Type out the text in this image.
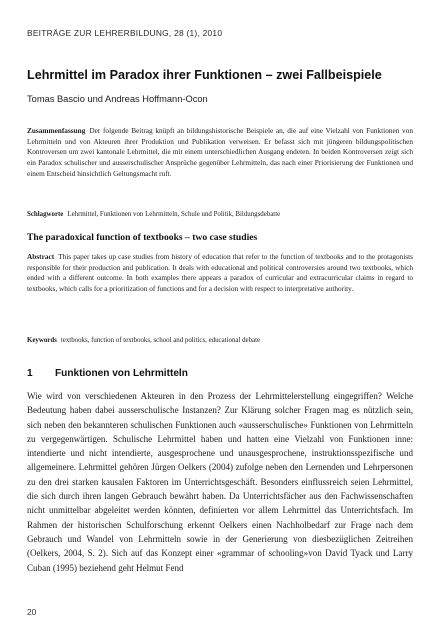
BEITRÄGE ZUR LEHRERBILDUNG, 28 (1), 2010
Lehrmittel im Paradox ihrer Funktionen – zwei Fallbeispiele
Tomas Bascio und Andreas Hoffmann-Ocon
Zusammenfassung Der folgende Beitrag knüpft an bildungshistorische Beispiele an, die auf eine Vielzahl von Funktionen von Lehrmitteln und von Akteuren ihrer Produktion und Publikation verweisen. Er befasst sich mit jüngeren bildungspolitischen Kontroversen um zwei kantonale Lehrmittel, die mit einem unterschiedlichen Ausgang endeten. In beiden Kontroversen zeigt sich ein Paradox schulischer und ausserschulischer Ansprüche gegenüber Lehrmitteln, das nach einer Priorisierung der Funktionen und einem Entscheid hinsichtlich Geltungsmacht ruft.
Schlagworte Lehrmittel, Funktionen von Lehrmitteln, Schule und Politik, Bildungsdebatte
The paradoxical function of textbooks – two case studies
Abstract This paper takes up case studies from history of education that refer to the function of textbooks and to the protagonists responsible for their production and publication. It deals with educational and political controversies around two textbooks, which ended with a different outcome. In both examples there appears a paradox of curricular and extracurricular claims in regard to textbooks, which calls for a prioritization of functions and for a decision with respect to interpretative authority.
Keywords textbooks, function of textbooks, school and politics, educational debate
1 Funktionen von Lehrmitteln
Wie wird von verschiedenen Akteuren in den Prozess der Lehrmittelerstellung eingegriffen? Welche Bedeutung haben dabei ausserschulische Instanzen? Zur Klärung solcher Fragen mag es nützlich sein, sich neben den bekannteren schulischen Funktionen auch «ausserschulische» Funktionen von Lehrmitteln zu vergegenwärtigen. Schulische Lehrmittel haben und hatten eine Vielzahl von Funktionen inne: intendierte und nicht intendierte, ausgesprochene und unausgesprochene, instruktionsspezifische und allgemeinere. Lehrmittel gehören Jürgen Oelkers (2004) zufolge neben den Lernenden und Lehrpersonen zu den drei starken kausalen Faktoren im Unterrichtsgeschäft. Besonders einflussreich seien Lehrmittel, die sich durch ihren langen Gebrauch bewährt haben. Da Unterrichtsfächer aus den Fachwissenschaften nicht unmittelbar abgeleitet werden könnten, definierten vor allem Lehrmittel das Unterrichtsfach. Im Rahmen der historischen Schulforschung erkennt Oelkers einen Nachholbedarf zur Frage nach dem Gebrauch und Wandel von Lehrmitteln sowie in der Generierung von diesbezüglichen Zeitreihen (Oelkers, 2004, S. 2). Sich auf das Konzept einer «grammar of schooling»von David Tyack und Larry Cuban (1995) beziehend geht Helmut Fend
20
